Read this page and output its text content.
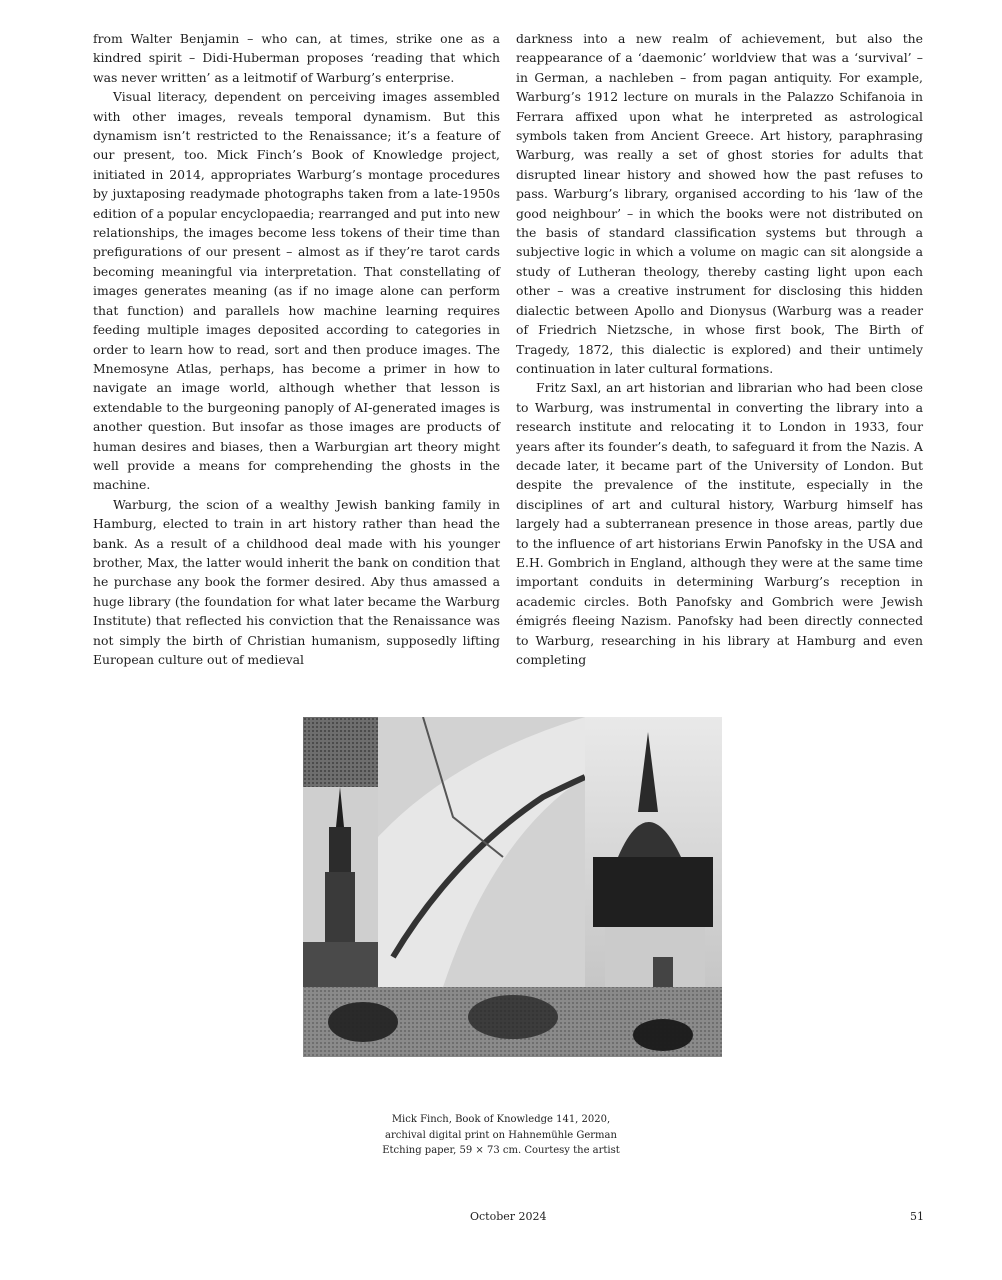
from Walter Benjamin – who can, at times, strike one as a kindred spirit – Didi-Huberman proposes ‘reading that which was never written’ as a leitmotif of Warburg’s enterprise.

Visual literacy, dependent on perceiving images assembled with other images, reveals temporal dynamism. But this dynamism isn’t restricted to the Renaissance; it’s a feature of our present, too. Mick Finch’s Book of Knowledge project, initiated in 2014, appropriates Warburg’s montage procedures by juxtaposing readymade photographs taken from a late-1950s edition of a popular encyclopaedia; rearranged and put into new relationships, the images become less tokens of their time than prefigurations of our present – almost as if they’re tarot cards becoming meaningful via interpretation. That constellating of images generates meaning (as if no image alone can perform that function) and parallels how machine learning requires feeding multiple images deposited according to categories in order to learn how to read, sort and then produce images. The Mnemosyne Atlas, perhaps, has become a primer in how to navigate an image world, although whether that lesson is extendable to the burgeoning panoply of AI-generated images is another question. But insofar as those images are products of human desires and biases, then a Warburgian art theory might well provide a means for comprehending the ghosts in the machine.

Warburg, the scion of a wealthy Jewish banking family in Hamburg, elected to train in art history rather than head the bank. As a result of a childhood deal made with his younger brother, Max, the latter would inherit the bank on condition that he purchase any book the former desired. Aby thus amassed a huge library (the foundation for what later became the Warburg Institute) that reflected his conviction that the Renaissance was not simply the birth of Christian humanism, supposedly lifting European culture out of medieval

darkness into a new realm of achievement, but also the reappearance of a ‘daemonic’ worldview that was a ‘survival’ – in German, a nachleben – from pagan antiquity. For example, Warburg’s 1912 lecture on murals in the Palazzo Schifanoia in Ferrara affixed upon what he interpreted as astrological symbols taken from Ancient Greece. Art history, paraphrasing Warburg, was really a set of ghost stories for adults that disrupted linear history and showed how the past refuses to pass. Warburg’s library, organised according to his ‘law of the good neighbour’ – in which the books were not distributed on the basis of standard classification systems but through a subjective logic in which a volume on magic can sit alongside a study of Lutheran theology, thereby casting light upon each other – was a creative instrument for disclosing this hidden dialectic between Apollo and Dionysus (Warburg was a reader of Friedrich Nietzsche, in whose first book, The Birth of Tragedy, 1872, this dialectic is explored) and their untimely continuation in later cultural formations.

Fritz Saxl, an art historian and librarian who had been close to Warburg, was instrumental in converting the library into a research institute and relocating it to London in 1933, four years after its founder’s death, to safeguard it from the Nazis. A decade later, it became part of the University of London. But despite the prevalence of the institute, especially in the disciplines of art and cultural history, Warburg himself has largely had a subterranean presence in those areas, partly due to the influence of art historians Erwin Panofsky in the USA and E.H. Gombrich in England, although they were at the same time important conduits in determining Warburg’s reception in academic circles. Both Panofsky and Gombrich were Jewish émigrés fleeing Nazism. Panofsky had been directly connected to Warburg, researching in his library at Hamburg and even completing

Mick Finch, Book of Knowledge 141, 2020,
archival digital print on Hahnemühle German
Etching paper, 59 × 73 cm. Courtesy the artist
October 2024	51
